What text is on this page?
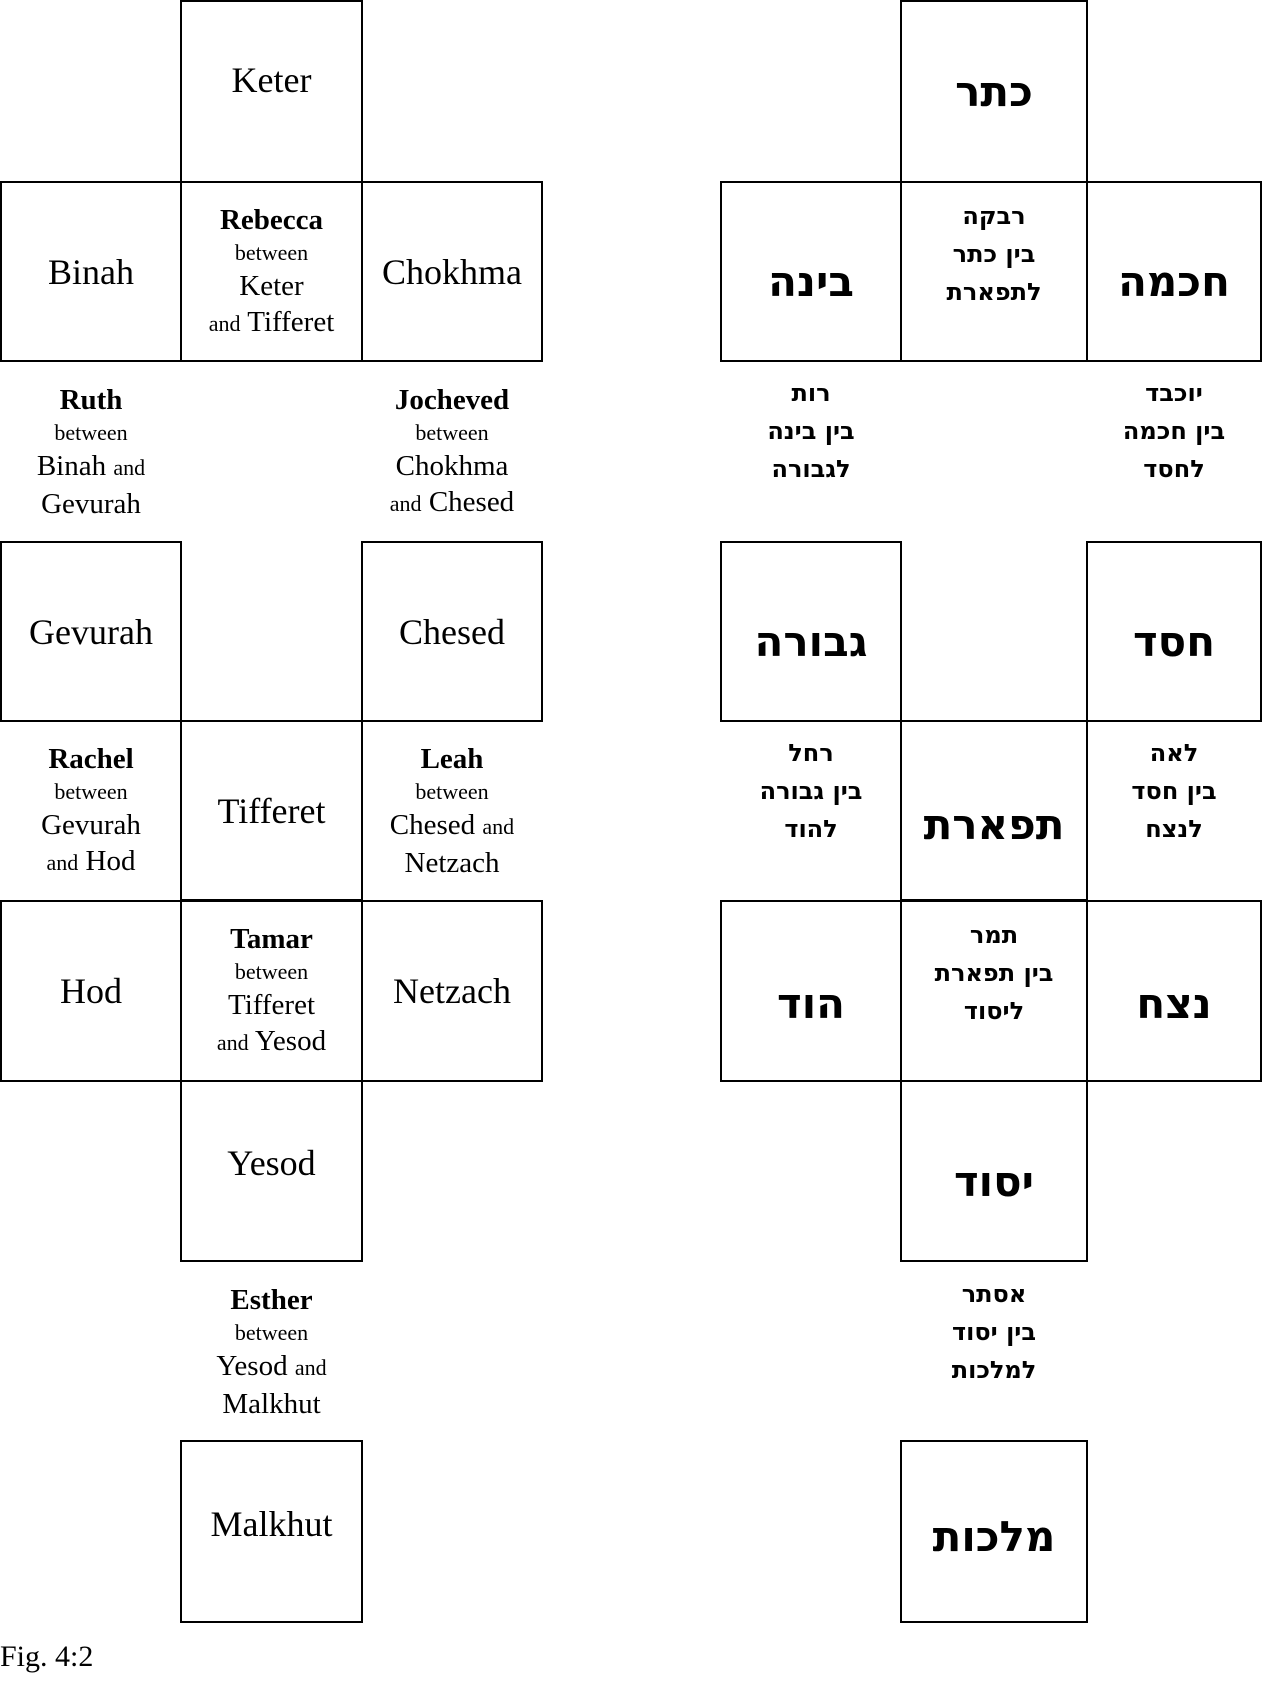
Keter
Binah
Rebecca
between
Keter
and Tifferet
Chokhma
Ruth
between
Binah and
Gevurah
Jocheved
between
Chokhma
and Chesed
Gevurah	Chesed
Rachel
between
Gevurah
and Hod
Tifferet
Leah
between
Chesed and
Netzach
Hod
Tamar
between
Tifferet
and Yesod
Netzach
Yesod
Esther
between
Yesod and
Malkhut
Malkhut
כתר
בינה
רבקה
בין כתר
לתפארת חכמה
רות
בין בינה
לגבורה
יוכבד
בין חכמה
לחסד
גבורה	חסד
רחל
בין גבורה
להוד תפארת
לאה
בין חסד
לנצח
הוד
תמר
בין תפארת
ליסוד	נצח
יסוד
אסתר
בין יסוד
למלכות
מלכות
Fig. 4:2
